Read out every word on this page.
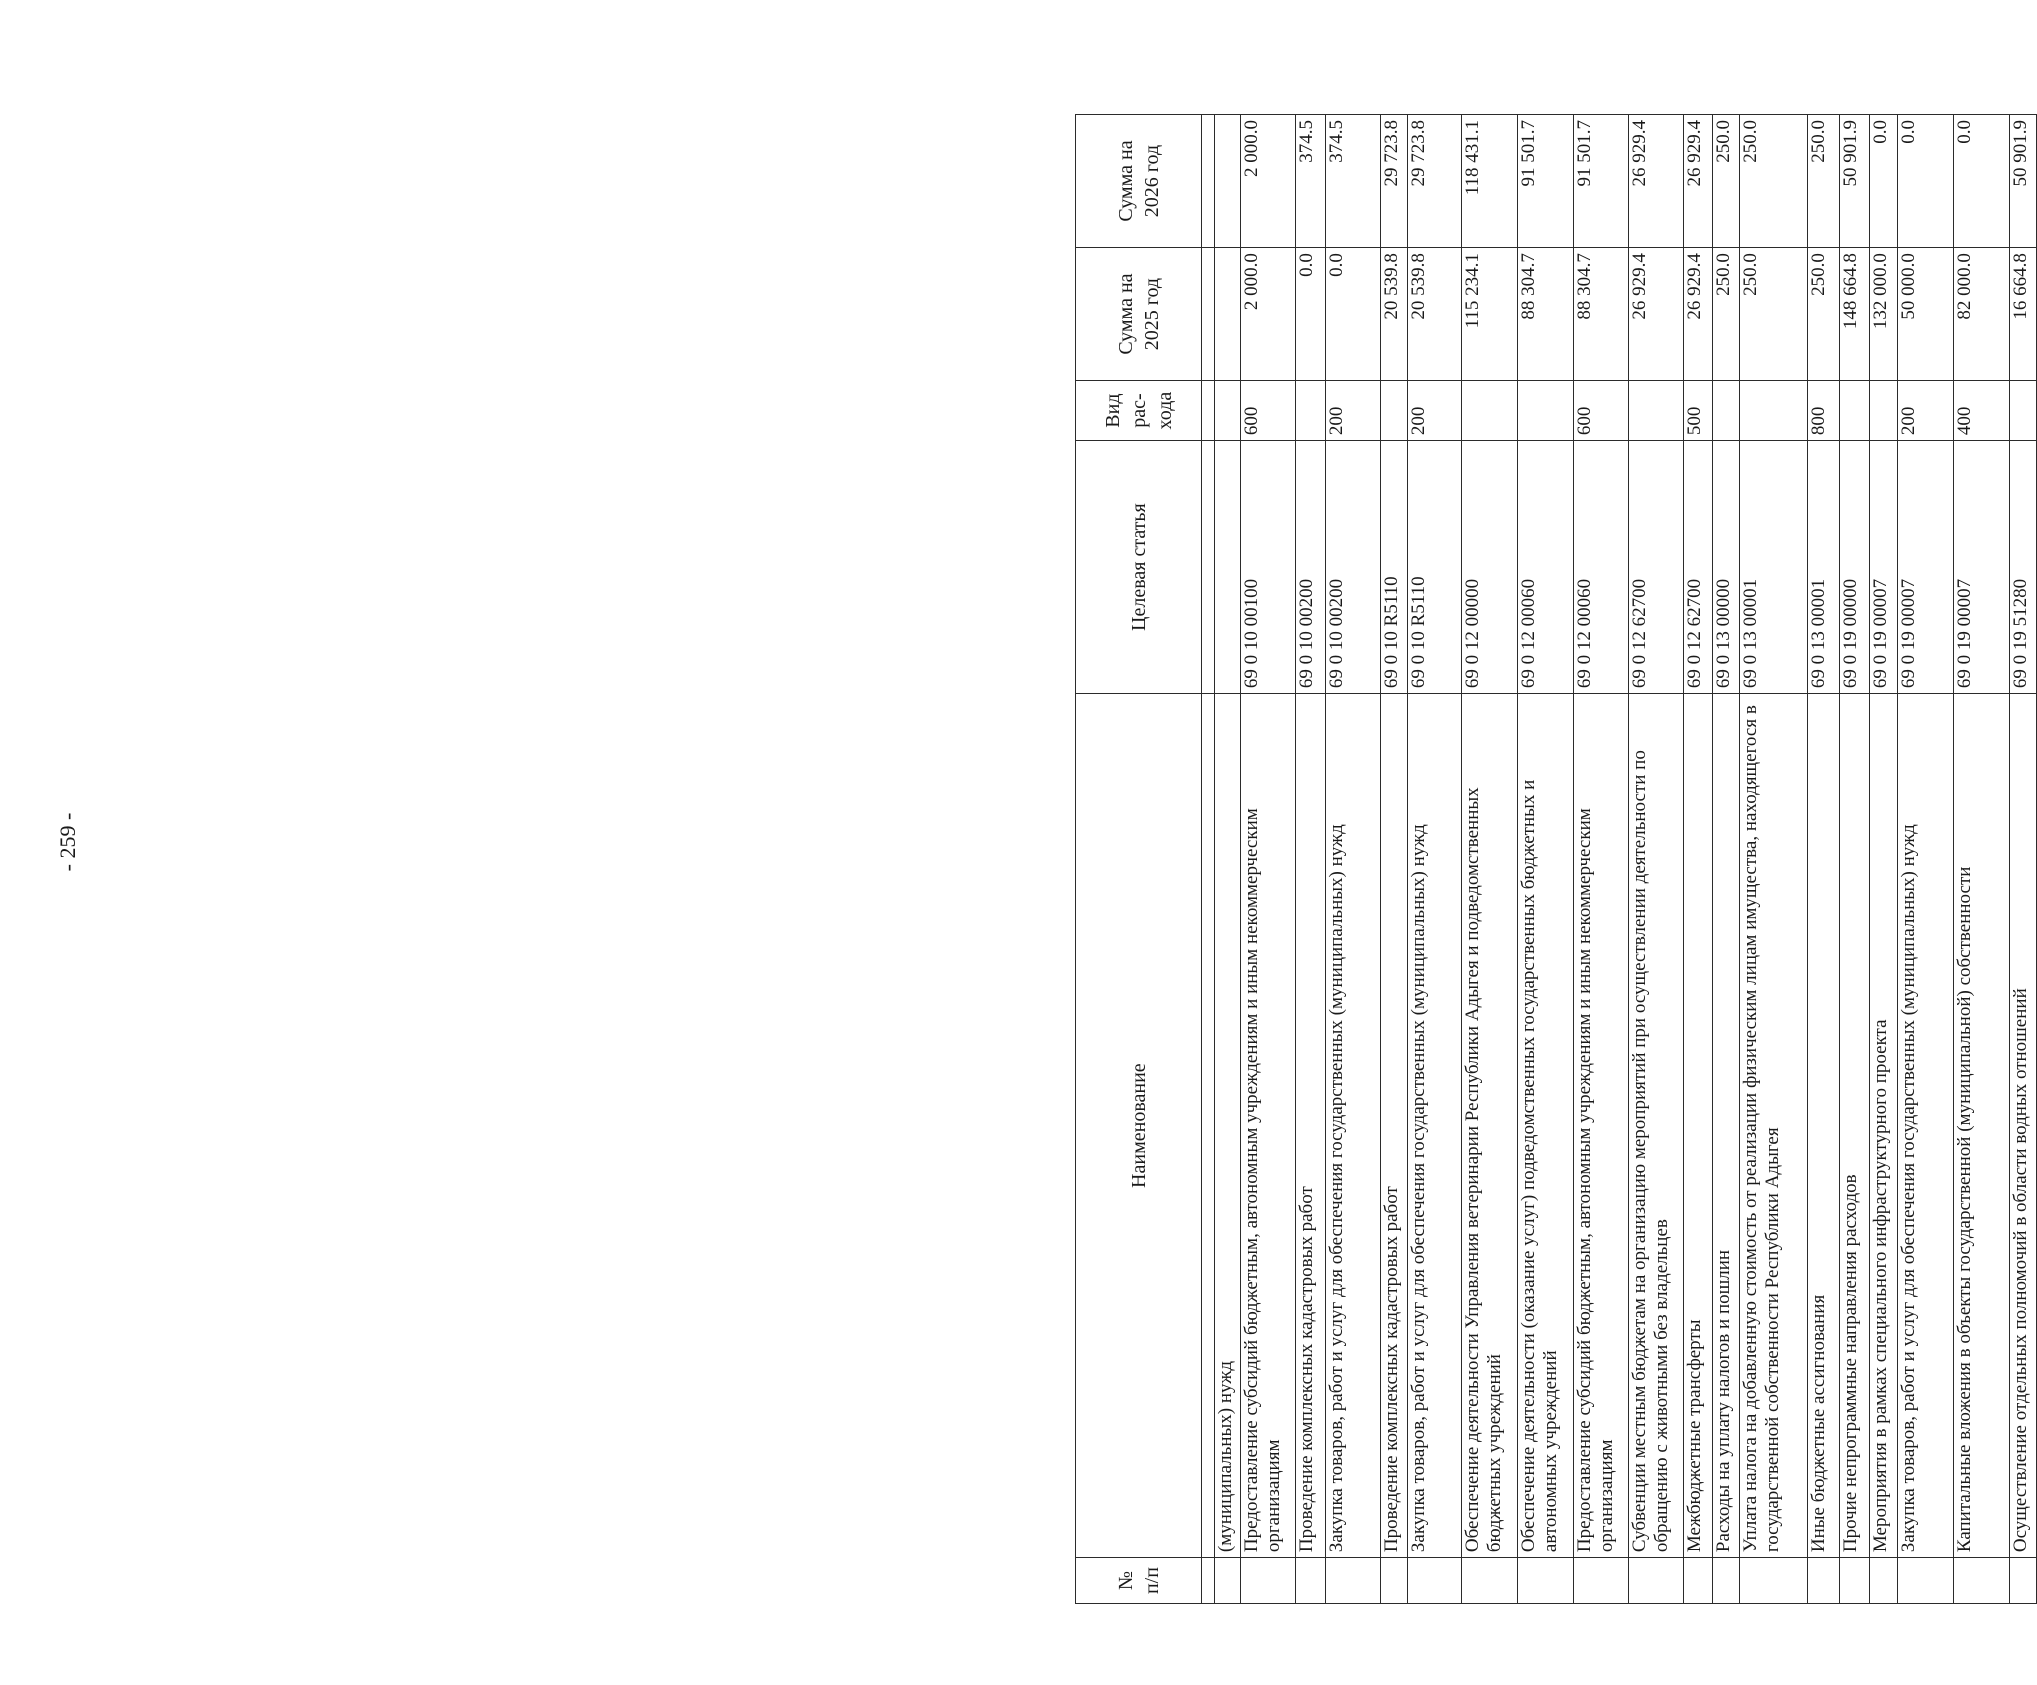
- 259 -
№ п/п	Наименование	Целевая статья	Вид рас-хода	Сумма на 2025 год	Сумма на 2026 год

	(муниципальных) нужд				
	Предоставление субсидий бюджетным, автономным учреждениям и иным некоммерческим организациям	69 0 10 00100	600	2 000.0	2 000.0
	Проведение комплексных кадастровых работ	69 0 10 00200		0.0	374.5
	Закупка товаров, работ и услуг для обеспечения государственных (муниципальных) нужд	69 0 10 00200	200	0.0	374.5
	Проведение комплексных кадастровых работ	69 0 10 R5110		20 539.8	29 723.8
	Закупка товаров, работ и услуг для обеспечения государственных (муниципальных) нужд	69 0 10 R5110	200	20 539.8	29 723.8
	Обеспечение деятельности Управления ветеринарии Республики Адыгея и подведомственных бюджетных учреждений	69 0 12 00000		115 234.1	118 431.1
	Обеспечение деятельности (оказание услуг) подведомственных государственных бюджетных и автономных учреждений	69 0 12 00060		88 304.7	91 501.7
	Предоставление субсидий бюджетным, автономным учреждениям и иным некоммерческим организациям	69 0 12 00060	600	88 304.7	91 501.7
	Субвенции местным бюджетам на организацию мероприятий при осуществлении деятельности по обращению с животными без владельцев	69 0 12 62700		26 929.4	26 929.4
	Межбюджетные трансферты	69 0 12 62700	500	26 929.4	26 929.4
	Расходы на уплату налогов и пошлин	69 0 13 00000		250.0	250.0
	Уплата налога на добавленную стоимость от реализации физическим лицам имущества, находящегося в государственной собственности Республики Адыгея	69 0 13 00001		250.0	250.0
	Иные бюджетные ассигнования	69 0 13 00001	800	250.0	250.0
	Прочие непрограммные направления расходов	69 0 19 00000		148 664.8	50 901.9
	Мероприятия в рамках специального инфраструктурного проекта	69 0 19 00007		132 000.0	0.0
	Закупка товаров, работ и услуг для обеспечения государственных (муниципальных) нужд	69 0 19 00007	200	50 000.0	0.0
	Капитальные вложения в объекты государственной (муниципальной) собственности	69 0 19 00007	400	82 000.0	0.0
	Осуществление отдельных полномочий в области водных отношений	69 0 19 51280		16 664.8	50 901.9
